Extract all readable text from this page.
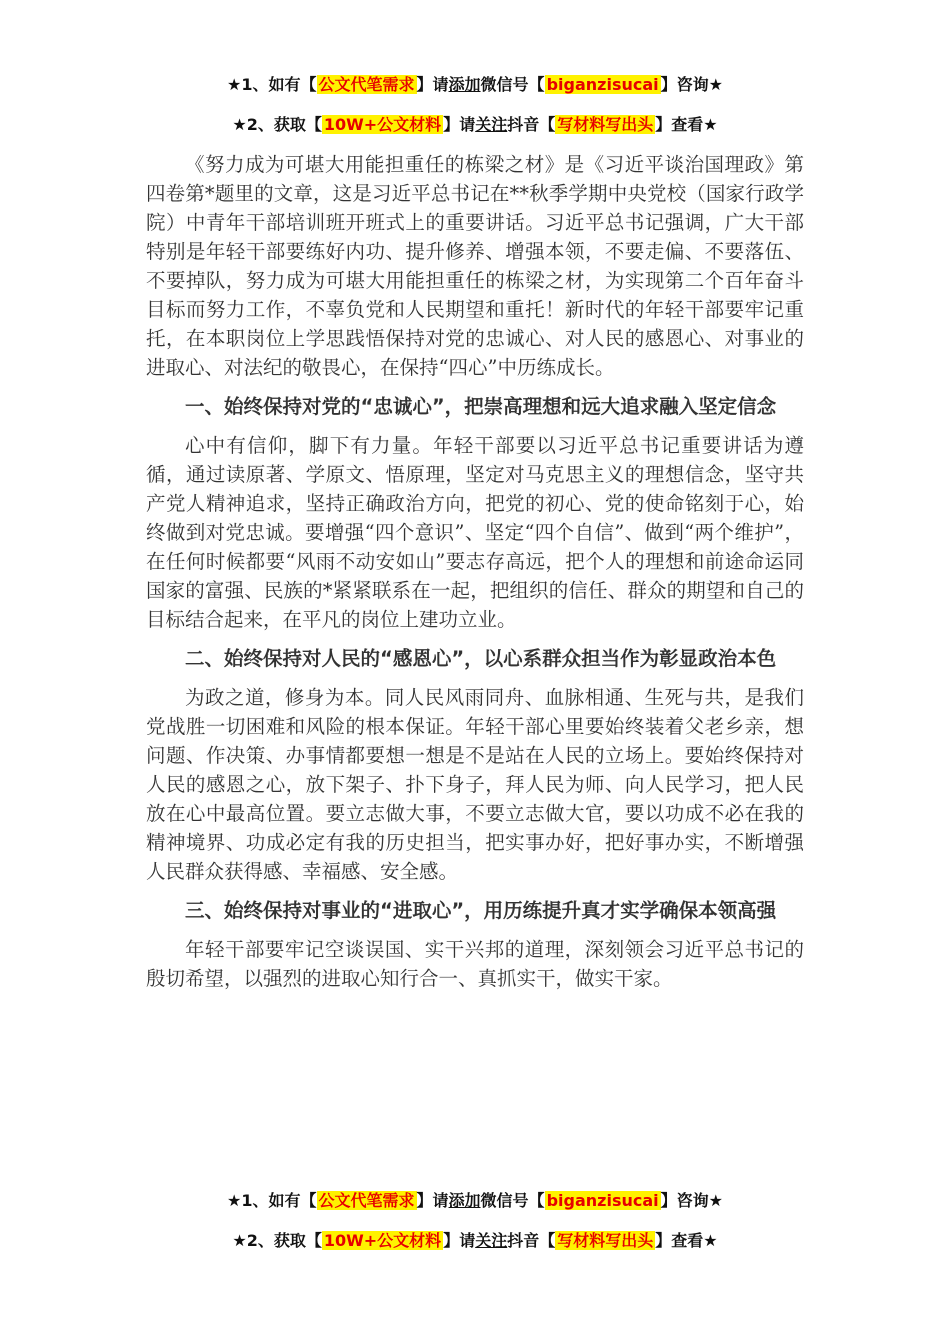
★1、如有【 公文代笔需求 】请添加微信号【 biganzisucai 】咨询★
★2、获取【 10W+公文材料 】请关注抖音【 写材料写出头 】查看★

《努力成为可堪大用能担重任的栋梁之材》是《习近平谈治国理政》第四卷第*题里的文章，这是习近平总书记在**秋季学期中央党校（国家行政学院）中青年干部培训班开班式上的重要讲话。习近平总书记强调，广大干部特别是年轻干部要练好内功、提升修养、增强本领，不要走偏、不要落伍、不要掉队，努力成为可堪大用能担重任的栋梁之材，为实现第二个百年奋斗目标而努力工作，不辜负党和人民期望和重托！新时代的年轻干部要牢记重托，在本职岗位上学思践悟保持对党的忠诚心、对人民的感恩心、对事业的进取心、对法纪的敬畏心，在保持“四心”中历练成长。

一、始终保持对党的“忠诚心”，把崇高理想和远大追求融入坚定信念

心中有信仰，脚下有力量。年轻干部要以习近平总书记重要讲话为遵循，通过读原著、学原文、悟原理，坚定对马克思主义的理想信念，坚守共产党人精神追求，坚持正确政治方向，把党的初心、党的使命铭刻于心，始终做到对党忠诚。要增强“四个意识”、坚定“四个自信”、做到“两个维护”，在任何时候都要“风雨不动安如山”要志存高远，把个人的理想和前途命运同国家的富强、民族的*紧紧联系在一起，把组织的信任、群众的期望和自己的目标结合起来，在平凡的岗位上建功立业。

二、始终保持对人民的“感恩心”，以心系群众担当作为彰显政治本色

为政之道，修身为本。同人民风雨同舟、血脉相通、生死与共，是我们党战胜一切困难和风险的根本保证。年轻干部心里要始终装着父老乡亲，想问题、作决策、办事情都要想一想是不是站在人民的立场上。要始终保持对人民的感恩之心，放下架子、扑下身子，拜人民为师、向人民学习，把人民放在心中最高位置。要立志做大事，不要立志做大官，要以功成不必在我的精神境界、功成必定有我的历史担当，把实事办好，把好事办实，不断增强人民群众获得感、幸福感、安全感。

三、始终保持对事业的“进取心”，用历练提升真才实学确保本领高强

年轻干部要牢记空谈误国、实干兴邦的道理，深刻领会习近平总书记的殷切希望，以强烈的进取心知行合一、真抓实干，做实干家。

★1、如有【 公文代笔需求 】请添加微信号【 biganzisucai 】咨询★
★2、获取【 10W+公文材料 】请关注抖音【 写材料写出头 】查看★
